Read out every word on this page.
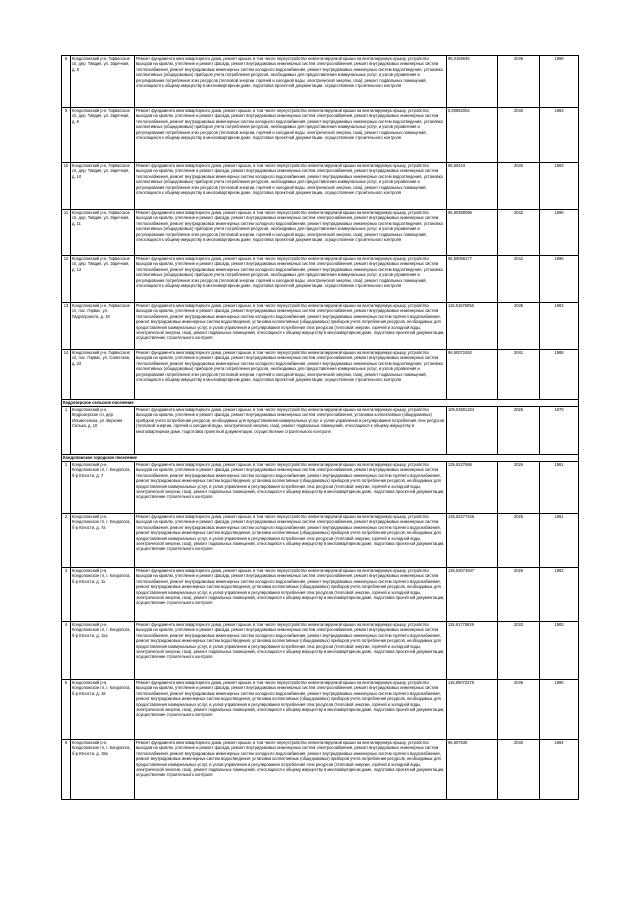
8	Кондопожский р-н, Гирвасское сп, дер. Тивдия, ул. Заречная, д. 8	Ремонт фундамента многоквартирного дома, ремонт крыши, в том числе переустройство невентилируемой крыши на вентилируемую крышу, устройство выходов на кровлю, утепление и ремонт фасада, ремонт внутридомовых инженерных систем электроснабжения, ремонт внутридомовых инженерных систем теплоснабжения, ремонт внутридомовых инженерных систем холодного водоснабжения, ремонт внутридомовых инженерных систем водоотведения, установка коллективных (общедомовых) приборов учета потребления ресурсов, необходимых для предоставления коммунальных услуг, и узлов управления и регулирования потребления этих ресурсов (тепловой энергии, горячей и холодной воды, электрической энергии, газа), ремонт подвальных помещений, относящихся к общему имуществу в многоквартирном доме, подготовка проектной документации, осуществление строительного контроля	95,0159945	2036	1988
9	Кондопожский р-н, Гирвасское сп, дер. Тивдия, ул. Заречная, д. 9	Ремонт фундамента многоквартирного дома, ремонт крыши, в том числе переустройство невентилируемой крыши на вентилируемую крышу, устройство выходов на кровлю, утепление и ремонт фасада, ремонт внутридомовых инженерных систем электроснабжения, ремонт внутридомовых инженерных систем теплоснабжения, ремонт внутридомовых инженерных систем холодного водоснабжения, ремонт внутридомовых инженерных систем водоотведения, установка коллективных (общедомовых) приборов учета потребления ресурсов, необходимых для предоставления коммунальных услуг, и узлов управления и регулирования потребления этих ресурсов (тепловой энергии, горячей и холодной воды, электрической энергии, газа), ремонт подвальных помещений, относящихся к общему имуществу в многоквартирном доме, подготовка проектной документации, осуществление строительного контроля	5,80862004	2040	1983
10	Кондопожский р-н, Гирвасское сп, дер. Тивдия, ул. Заречная, д. 10	Ремонт фундамента многоквартирного дома, ремонт крыши, в том числе переустройство невентилируемой крыши на вентилируемую крышу, устройство выходов на кровлю, утепление и ремонт фасада, ремонт внутридомовых инженерных систем электроснабжения, ремонт внутридомовых инженерных систем теплоснабжения, ремонт внутридомовых инженерных систем холодного водоснабжения, ремонт внутридомовых инженерных систем водоотведения, установка коллективных (общедомовых) приборов учета потребления ресурсов, необходимых для предоставления коммунальных услуг, и узлов управления и регулирования потребления этих ресурсов (тепловой энергии, горячей и холодной воды, электрической энергии, газа), ремонт подвальных помещений, относящихся к общему имуществу в многоквартирном доме, подготовка проектной документации, осуществление строительного контроля	96,50423	2040	1993
11	Кондопожский р-н, Гирвасское сп, дер. Тивдия, ул. Заречная, д. 11	Ремонт фундамента многоквартирного дома, ремонт крыши, в том числе переустройство невентилируемой крыши на вентилируемую крышу, устройство выходов на кровлю, утепление и ремонт фасада, ремонт внутридомовых инженерных систем электроснабжения, ремонт внутридомовых инженерных систем теплоснабжения, ремонт внутридомовых инженерных систем холодного водоснабжения, ремонт внутридомовых инженерных систем водоотведения, установка коллективных (общедомовых) приборов учета потребления ресурсов, необходимых для предоставления коммунальных услуг, и узлов управления и регулирования потребления этих ресурсов (тепловой энергии, горячей и холодной воды, электрической энергии, газа), ремонт подвальных помещений, относящихся к общему имуществу в многоквартирном доме, подготовка проектной документации, осуществление строительного контроля	95,80358096	2042	1995
12	Кондопожский р-н, Гирвасское сп, дер. Тивдия, ул. Заречная, д. 12	Ремонт фундамента многоквартирного дома, ремонт крыши, в том числе переустройство невентилируемой крыши на вентилируемую крышу, устройство выходов на кровлю, утепление и ремонт фасада, ремонт внутридомовых инженерных систем электроснабжения, ремонт внутридомовых инженерных систем теплоснабжения, ремонт внутридомовых инженерных систем холодного водоснабжения, ремонт внутридомовых инженерных систем водоотведения, установка коллективных (общедомовых) приборов учета потребления ресурсов, необходимых для предоставления коммунальных услуг, и узлов управления и регулирования потребления этих ресурсов (тепловой энергии, горячей и холодной воды, электрической энергии, газа), ремонт подвальных помещений, относящихся к общему имуществу в многоквартирном доме, подготовка проектной документации, осуществление строительного контроля	96,50058177	2042	1995
13	Кондопожский р-н, Гирвасское сп, пос. Гирвас, ул. Гидропроекта, д. 19	Ремонт фундамента многоквартирного дома, ремонт крыши, в том числе переустройство невентилируемой крыши на вентилируемую крышу, устройство выходов на кровлю, утепление и ремонт фасада, ремонт внутридомовых инженерных систем электроснабжения, ремонт внутридомовых инженерных систем теплоснабжения, ремонт внутридомовых инженерных систем холодного водоснабжения, ремонт внутридомовых инженерных систем горячего водоснабжения, ремонт внутридомовых инженерных систем водоотведения, установка коллективных (общедомовых) приборов учета потребления ресурсов, необходимых для предоставления коммунальных услуг, и узлов управления и регулирования потребления этих ресурсов (тепловой энергии, горячей и холодной воды, электрической энергии, газа), ремонт подвальных помещений, относящихся к общему имуществу в многоквартирном доме, подготовка проектной документации, осуществление строительного контроля	115,91575056	2035	1983
14	Кондопожский р-н, Гирвасское сп, пос. Гирвас, ул. Советская, д. 22	Ремонт фундамента многоквартирного дома, ремонт крыши, в том числе переустройство невентилируемой крыши на вентилируемую крышу, устройство выходов на кровлю, утепление и ремонт фасада, ремонт внутридомовых инженерных систем электроснабжения, ремонт внутридомовых инженерных систем теплоснабжения, ремонт внутридомовых инженерных систем холодного водоснабжения, ремонт внутридомовых инженерных систем водоотведения, установка коллективных (общедомовых) приборов учета потребления ресурсов, необходимых для предоставления коммунальных услуг, и узлов управления и регулирования потребления этих ресурсов (тепловой энергии, горячей и холодной воды, электрической энергии, газа), ремонт подвальных помещений, относящихся к общему имуществу в многоквартирном доме, подготовка проектной документации, осуществление строительного контроля	96,50072482	2041	1988
Кедрозерское сельское поселение					
1	Кондопожский р-н, Кедрозерское сп, дер. Ильмеселька, ул. Верхняя Селька, д. 10	Ремонт фундамента многоквартирного дома, ремонт крыши, в том числе переустройство невентилируемой крыши на вентилируемую крышу, устройство выходов на кровлю, утепление и ремонт фасада, ремонт внутридомовых инженерных систем электроснабжения, установка коллективных (общедомовых) приборов учета потребления ресурсов, необходимых для предоставления коммунальных услуг, и узлов управления и регулирования потребления этих ресурсов (тепловой энергии, горячей и холодной воды, электрической энергии, газа), ремонт подвальных помещений, относящихся к общему имуществу в многоквартирном доме, подготовка проектной документации, осуществление строительного контроля	105,53691324	2026	1970
Кондопожское городское поселение					
1	Кондопожский р-н, Кондопожское гп, г. Кондопога, б-р Юности, д. 7	Ремонт фундамента многоквартирного дома, ремонт крыши, в том числе переустройство невентилируемой крыши на вентилируемую крышу, устройство выходов на кровлю, утепление и ремонт фасада, ремонт внутридомовых инженерных систем электроснабжения, ремонт внутридомовых инженерных систем теплоснабжения, ремонт внутридомовых инженерных систем холодного водоснабжения, ремонт внутридомовых инженерных систем горячего водоснабжения, ремонт внутридомовых инженерных систем водоотведения, установка коллективных (общедомовых) приборов учета потребления ресурсов, необходимых для предоставления коммунальных услуг, и узлов управления и регулирования потребления этих ресурсов (тепловой энергии, горячей и холодной воды, электрической энергии, газа), ремонт подвальных помещений, относящихся к общему имуществу в многоквартирном доме, подготовка проектной документации, осуществление строительного контроля	135,5227686	2026	1981
2	Кондопожский р-н, Кондопожское гп, г. Кондопога, б-р Юности, д. 7а	Ремонт фундамента многоквартирного дома, ремонт крыши, в том числе переустройство невентилируемой крыши на вентилируемую крышу, устройство выходов на кровлю, утепление и ремонт фасада, ремонт внутридомовых инженерных систем электроснабжения, ремонт внутридомовых инженерных систем теплоснабжения, ремонт внутридомовых инженерных систем холодного водоснабжения, ремонт внутридомовых инженерных систем горячего водоснабжения, ремонт внутридомовых инженерных систем водоотведения, установка коллективных (общедомовых) приборов учета потребления ресурсов, необходимых для предоставления коммунальных услуг, и узлов управления и регулирования потребления этих ресурсов (тепловой энергии, горячей и холодной воды, электрической энергии, газа), ремонт подвальных помещений, относящихся к общему имуществу в многоквартирном доме, подготовка проектной документации, осуществление строительного контроля	135,52277426	2026	1981
3	Кондопожский р-н, Кондопожское гп, г. Кондопога, б-р Юности, д. 11	Ремонт фундамента многоквартирного дома, ремонт крыши, в том числе переустройство невентилируемой крыши на вентилируемую крышу, устройство выходов на кровлю, утепление и ремонт фасада, ремонт внутридомовых инженерных систем электроснабжения, ремонт внутридомовых инженерных систем теплоснабжения, ремонт внутридомовых инженерных систем холодного водоснабжения, ремонт внутридомовых инженерных систем горячего водоснабжения, ремонт внутридомовых инженерных систем водоотведения, установка коллективных (общедомовых) приборов учета потребления ресурсов, необходимых для предоставления коммунальных услуг, и узлов управления и регулирования потребления этих ресурсов (тепловой энергии, горячей и холодной воды, электрической энергии, газа), ремонт подвальных помещений, относящихся к общему имуществу в многоквартирном доме, подготовка проектной документации, осуществление строительного контроля	135,53074947	2026	1982
4	Кондопожский р-н, Кондопожское гп, г. Кондопога, б-р Юности, д. 11а	Ремонт фундамента многоквартирного дома, ремонт крыши, в том числе переустройство невентилируемой крыши на вентилируемую крышу, устройство выходов на кровлю, утепление и ремонт фасада, ремонт внутридомовых инженерных систем электроснабжения, ремонт внутридомовых инженерных систем теплоснабжения, ремонт внутридомовых инженерных систем холодного водоснабжения, ремонт внутридомовых инженерных систем горячего водоснабжения, ремонт внутридомовых инженерных систем водоотведения, установка коллективных (общедомовых) приборов учета потребления ресурсов, необходимых для предоставления коммунальных услуг, и узлов управления и регулирования потребления этих ресурсов (тепловой энергии, горячей и холодной воды, электрической энергии, газа), ремонт подвальных помещений, относящихся к общему имуществу в многоквартирном доме, подготовка проектной документации, осуществление строительного контроля	115,91775929	2033	1983
5	Кондопожский р-н, Кондопожское гп, г. Кондопога, б-р Юности, д. 18	Ремонт фундамента многоквартирного дома, ремонт крыши, в том числе переустройство невентилируемой крыши на вентилируемую крышу, устройство выходов на кровлю, утепление и ремонт фасада, ремонт внутридомовых инженерных систем электроснабжения, ремонт внутридомовых инженерных систем теплоснабжения, ремонт внутридомовых инженерных систем холодного водоснабжения, ремонт внутридомовых инженерных систем горячего водоснабжения, ремонт внутридомовых инженерных систем водоотведения, установка коллективных (общедомовых) приборов учета потребления ресурсов, необходимых для предоставления коммунальных услуг, и узлов управления и регулирования потребления этих ресурсов (тепловой энергии, горячей и холодной воды, электрической энергии, газа), ремонт подвальных помещений, относящихся к общему имуществу в многоквартирном доме, подготовка проектной документации, осуществление строительного контроля	115,85072378	2036	1986
6	Кондопожский р-н, Кондопожское гп, г. Кондопога, б-р Юности, д. 18а	Ремонт фундамента многоквартирного дома, ремонт крыши, в том числе переустройство невентилируемой крыши на вентилируемую крышу, устройство выходов на кровлю, утепление и ремонт фасада, ремонт внутридомовых инженерных систем электроснабжения, ремонт внутридомовых инженерных систем теплоснабжения, ремонт внутридомовых инженерных систем холодного водоснабжения, ремонт внутридомовых инженерных систем горячего водоснабжения, ремонт внутридомовых инженерных систем водоотведения, установка коллективных (общедомовых) приборов учета потребления ресурсов, необходимых для предоставления коммунальных услуг, и узлов управления и регулирования потребления этих ресурсов (тепловой энергии, горячей и холодной воды, электрической энергии, газа), ремонт подвальных помещений, относящихся к общему имуществу в многоквартирном доме, подготовка проектной документации, осуществление строительного контроля	96,507636	2040	1994
